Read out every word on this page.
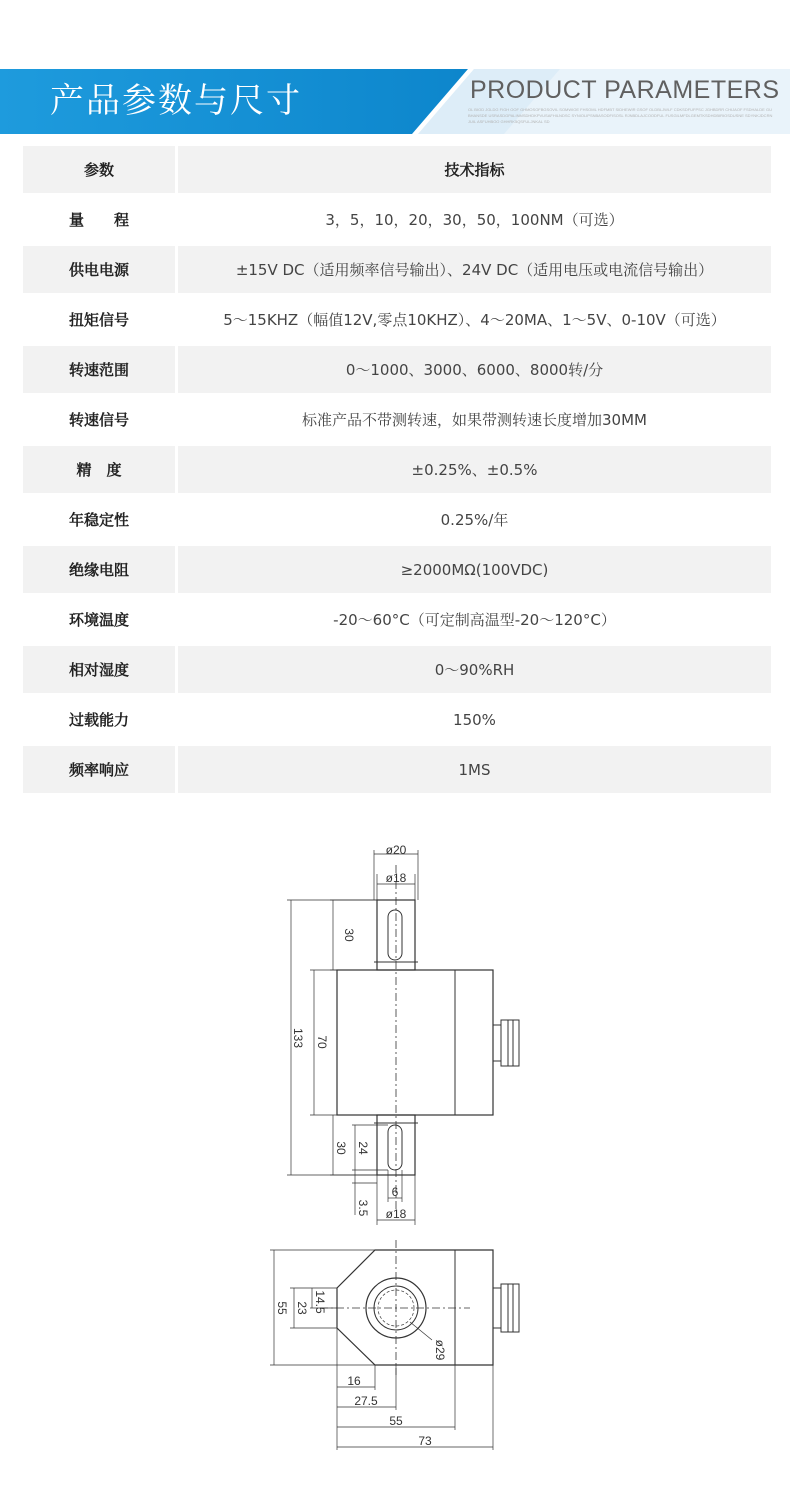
产品参数与尺寸	PRODUCT PARAMETERS
OL BIOD JGLDG FIGH OOF GHMOSOFBGSOVIL SOMWIOE FHSOML HDFMBT SIDHEWIR GSOF OLDBLJWLF CDKSDFUFPSC JGHBDRR CHIJAOF FSDHALDE GUBHANSDE USRASDGPALINMSDHDKPVUSAFHILNDSC SYNIOLIPSNBASODFISOSL RJNBDLAJCOODFUL FUSGILMFDLGEMTKSDHDBIRIOSDUSNE SDYNKJDCRNJUIL ASFUHBOO GHHRK5QSFULJNKAL SD
参数	技术指标
量　　程	3，5，10，20，30，50，100NM（可选）
供电电源	±15V DC（适用频率信号输出）、24V DC（适用电压或电流信号输出）
扭矩信号	5～15KHZ（幅值12V,零点10KHZ）、4～20MA、1～5V、0-10V（可选）
转速范围	0～1000、3000、6000、8000转/分
转速信号	标准产品不带测转速，如果带测转速长度增加30MM
精　度	±0.25%、±0.5%
年稳定性	0.25%/年
绝缘电阻	≥2000MΩ(100VDC)
环境温度	-20～60°C（可定制高温型-20～120°C）
相对湿度	0～90%RH
过载能力	150%
频率响应	1MS
ø20
ø18
30
133 70
30 24
3.5
6
ø18
55 23 14.5
ø29
16
27.5
55
73
